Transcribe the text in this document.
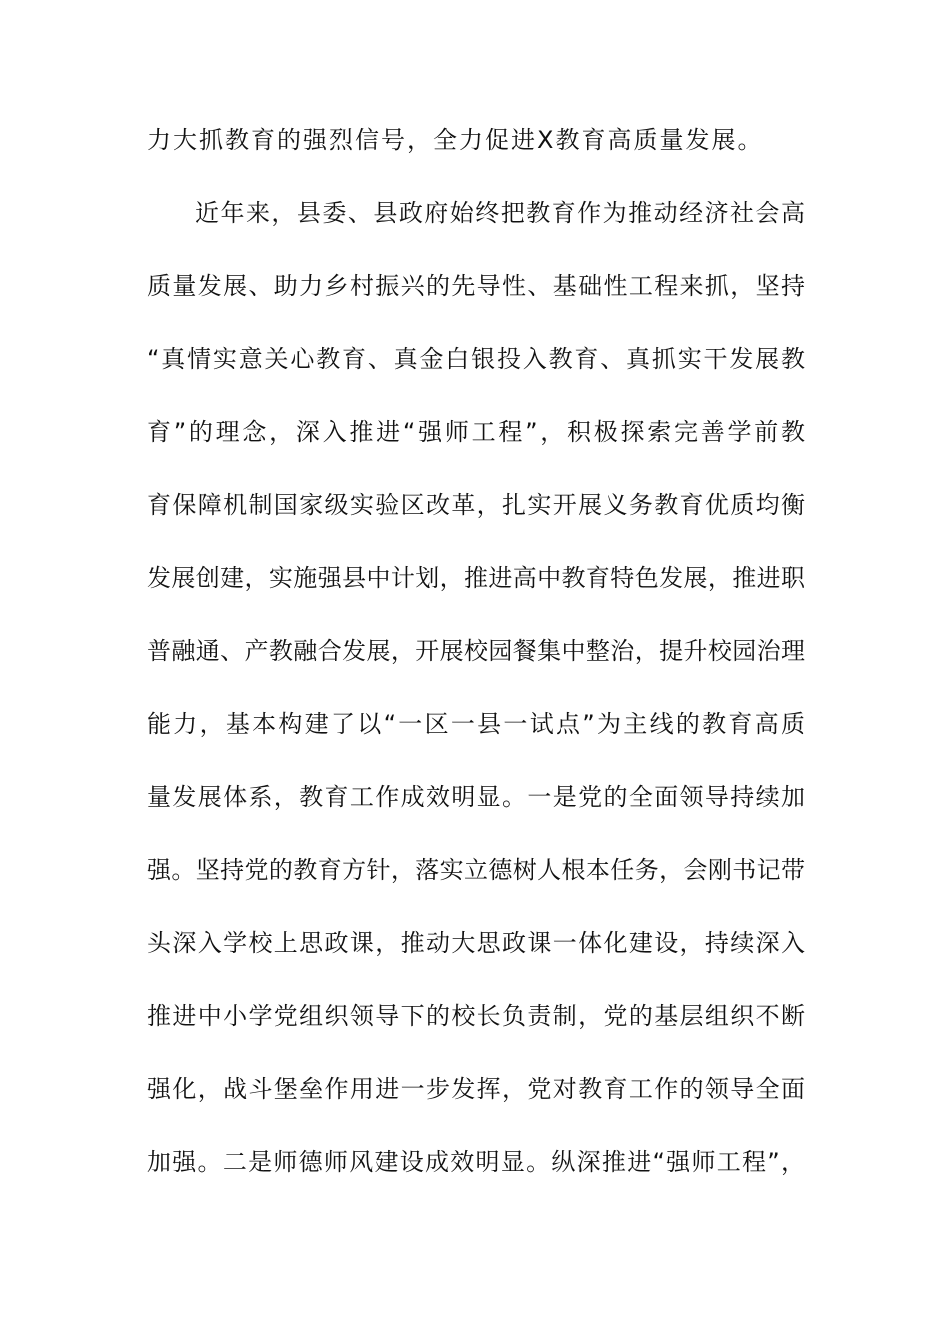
力大抓教育的强烈信号，全力促进X教育高质量发展。
近年来，县委、县政府始终把教育作为推动经济社会高
质量发展、助力乡村振兴的先导性、基础性工程来抓，坚持
“真情实意关心教育、真金白银投入教育、真抓实干发展教
育”的理念，深入推进“强师工程”，积极探索完善学前教
育保障机制国家级实验区改革，扎实开展义务教育优质均衡
发展创建，实施强县中计划，推进高中教育特色发展，推进职
普融通、产教融合发展，开展校园餐集中整治，提升校园治理
能力，基本构建了以“一区一县一试点”为主线的教育高质
量发展体系，教育工作成效明显。一是党的全面领导持续加
强。坚持党的教育方针，落实立德树人根本任务，会刚书记带
头深入学校上思政课，推动大思政课一体化建设，持续深入
推进中小学党组织领导下的校长负责制，党的基层组织不断
强化，战斗堡垒作用进一步发挥，党对教育工作的领导全面
加强。二是师德师风建设成效明显。纵深推进“强师工程”，
